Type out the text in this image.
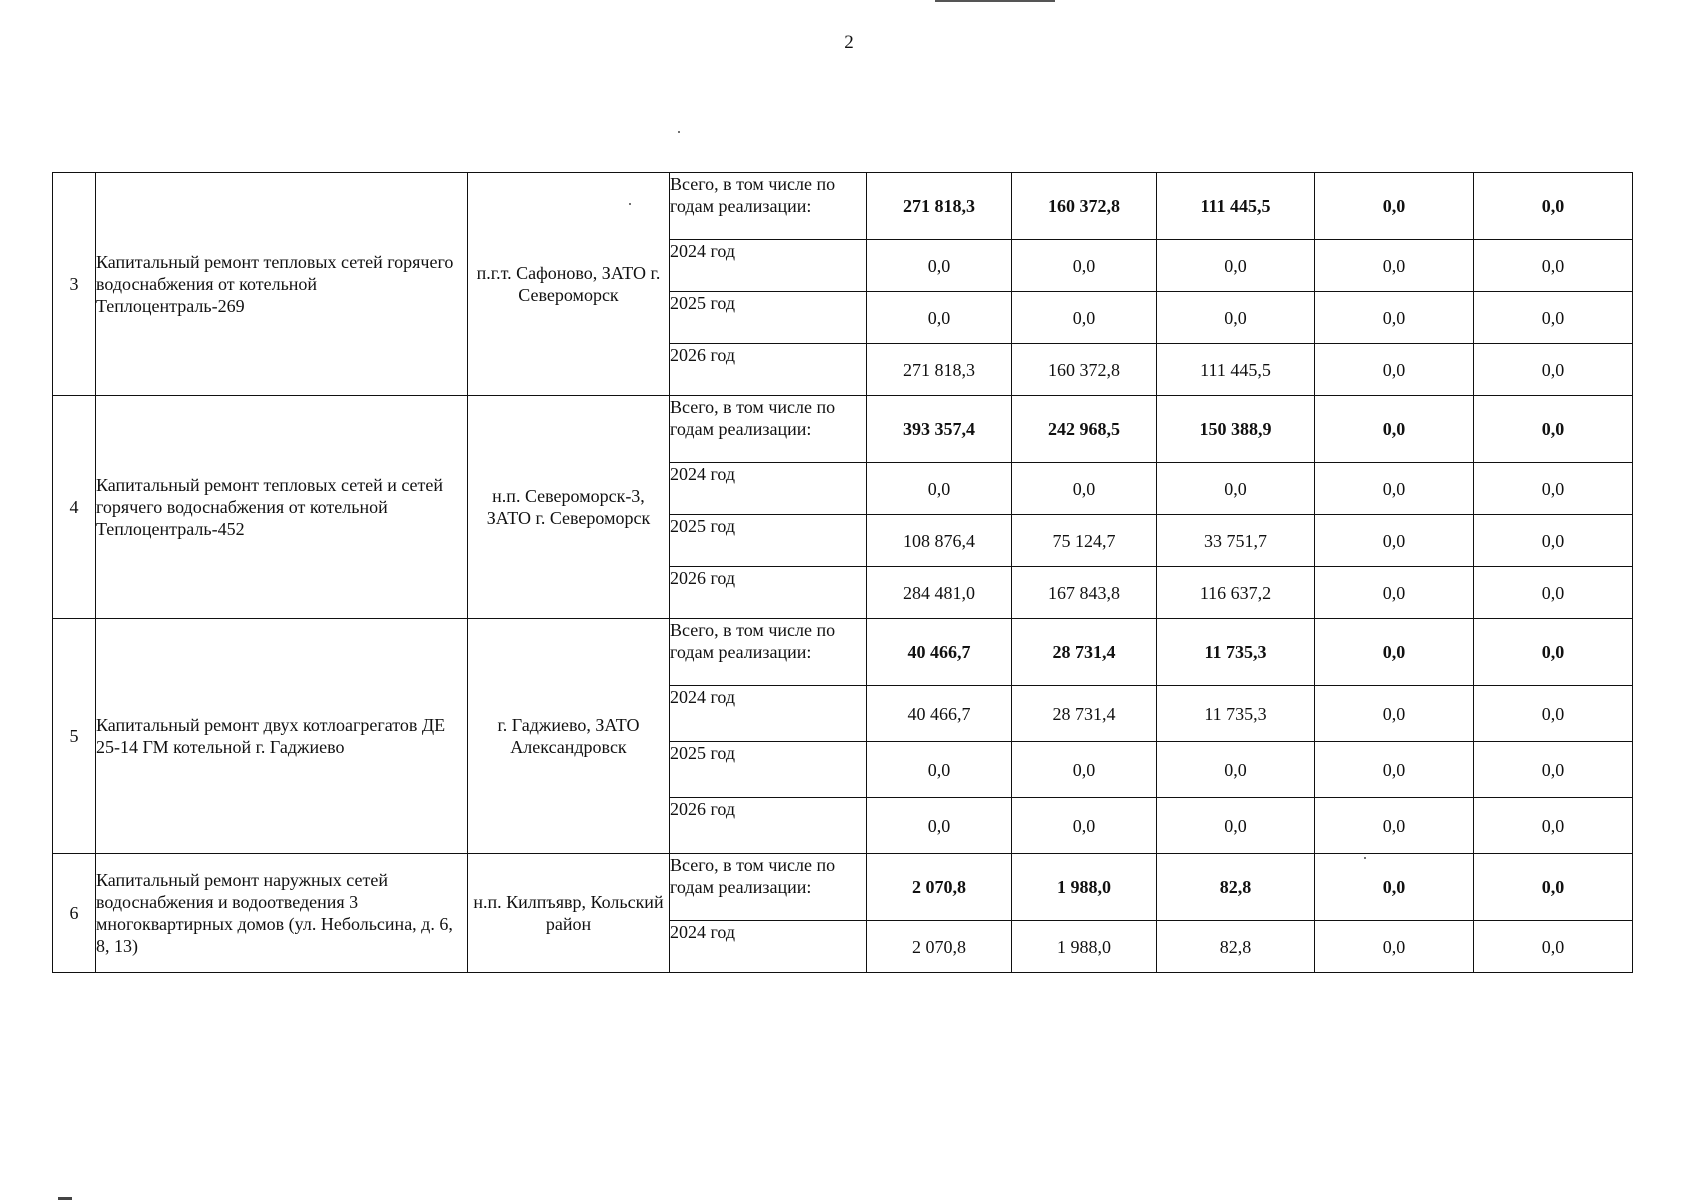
2
3	Капитальный ремонт тепловых сетей горячего водоснабжения от котельной Теплоцентраль-269	п.г.т. Сафоново, ЗАТО г. Североморск	Всего, в том числе по годам реализации:	271 818,3	160 372,8	111 445,5	0,0	0,0
			2024 год	0,0	0,0	0,0	0,0	0,0
			2025 год	0,0	0,0	0,0	0,0	0,0
			2026 год	271 818,3	160 372,8	111 445,5	0,0	0,0
4	Капитальный ремонт тепловых сетей и сетей горячего водоснабжения от котельной Теплоцентраль-452	н.п. Североморск-3, ЗАТО г. Североморск	Всего, в том числе по годам реализации:	393 357,4	242 968,5	150 388,9	0,0	0,0
			2024 год	0,0	0,0	0,0	0,0	0,0
			2025 год	108 876,4	75 124,7	33 751,7	0,0	0,0
			2026 год	284 481,0	167 843,8	116 637,2	0,0	0,0
5	Капитальный ремонт двух котлоагрегатов ДЕ 25-14 ГМ котельной г. Гаджиево	г. Гаджиево, ЗАТО Александровск	Всего, в том числе по годам реализации:	40 466,7	28 731,4	11 735,3	0,0	0,0
			2024 год	40 466,7	28 731,4	11 735,3	0,0	0,0
			2025 год	0,0	0,0	0,0	0,0	0,0
			2026 год	0,0	0,0	0,0	0,0	0,0
6	Капитальный ремонт наружных сетей водоснабжения и водоотведения 3 многоквартирных домов (ул. Небольсина, д. 6, 8, 13)	н.п. Килпъявр, Кольский район	Всего, в том числе по годам реализации:	2 070,8	1 988,0	82,8	0,0	0,0
			2024 год	2 070,8	1 988,0	82,8	0,0	0,0
